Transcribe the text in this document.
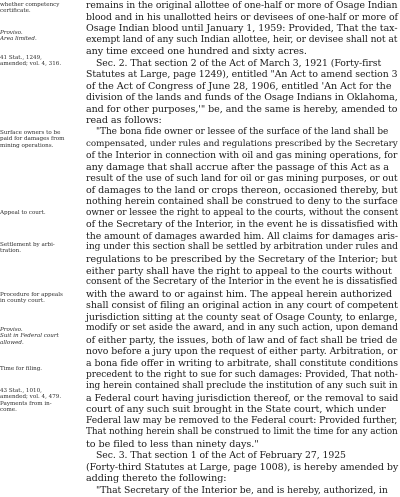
whether competency
certificate.
Proviso.
Area limited.
41 Stat., 1249,
amended; vol. 4, 316.
Surface owners to be
paid for damages from
mining operations.
Appeal to court.
Settlement by arbi-
tration.
Procedure for appeals
in county court.
Proviso.
Suit in Federal court
allowed.
Time for filing.
43 Stat., 1010,
amended; vol. 4, 479.
Payments from in-
come.
remains in the original allottee of one-half or more of Osage Indian
blood and in his unallotted heirs or devisees of one-half or more of
Osage Indian blood until January 1, 1959: Provided, That the tax-
exempt land of any such Indian allottee, heir, or devisee shall not at
any time exceed one hundred and sixty acres.
Sec. 2. That section 2 of the Act of March 3, 1921 (Forty-first
Statutes at Large, page 1249), entitled "An Act to amend section 3
of the Act of Congress of June 28, 1906, entitled 'An Act for the
division of the lands and funds of the Osage Indians in Oklahoma,
and for other purposes,'" be, and the same is hereby, amended to
read as follows:
"The bona fide owner or lessee of the surface of the land shall be
compensated, under rules and regulations prescribed by the Secretary
of the Interior in connection with oil and gas mining operations, for
any damage that shall accrue after the passage of this Act as a
result of the use of such land for oil or gas mining purposes, or out
of damages to the land or crops thereon, occasioned thereby, but
nothing herein contained shall be construed to deny to the surface
owner or lessee the right to appeal to the courts, without the consent
of the Secretary of the Interior, in the event he is dissatisfied with
the amount of damages awarded him. All claims for damages aris-
ing under this section shall be settled by arbitration under rules and
regulations to be prescribed by the Secretary of the Interior; but
either party shall have the right to appeal to the courts without
consent of the Secretary of the Interior in the event he is dissatisfied
with the award to or against him. The appeal herein authorized
shall consist of filing an original action in any court of competent
jurisdiction sitting at the county seat of Osage County, to enlarge,
modify or set aside the award, and in any such action, upon demand
of either party, the issues, both of law and of fact shall be tried de
novo before a jury upon the request of either party. Arbitration, or
a bona fide offer in writing to arbitrate, shall constitute conditions
precedent to the right to sue for such damages: Provided, That noth-
ing herein contained shall preclude the institution of any such suit in
a Federal court having jurisdiction thereof, or the removal to said
court of any such suit brought in the State court, which under
Federal law may be removed to the Federal court: Provided further,
That nothing herein shall be construed to limit the time for any action
to be filed to less than ninety days."
Sec. 3. That section 1 of the Act of February 27, 1925
(Forty-third Statutes at Large, page 1008), is hereby amended by
adding thereto the following:
"That Secretary of the Interior be, and is hereby, authorized, in
